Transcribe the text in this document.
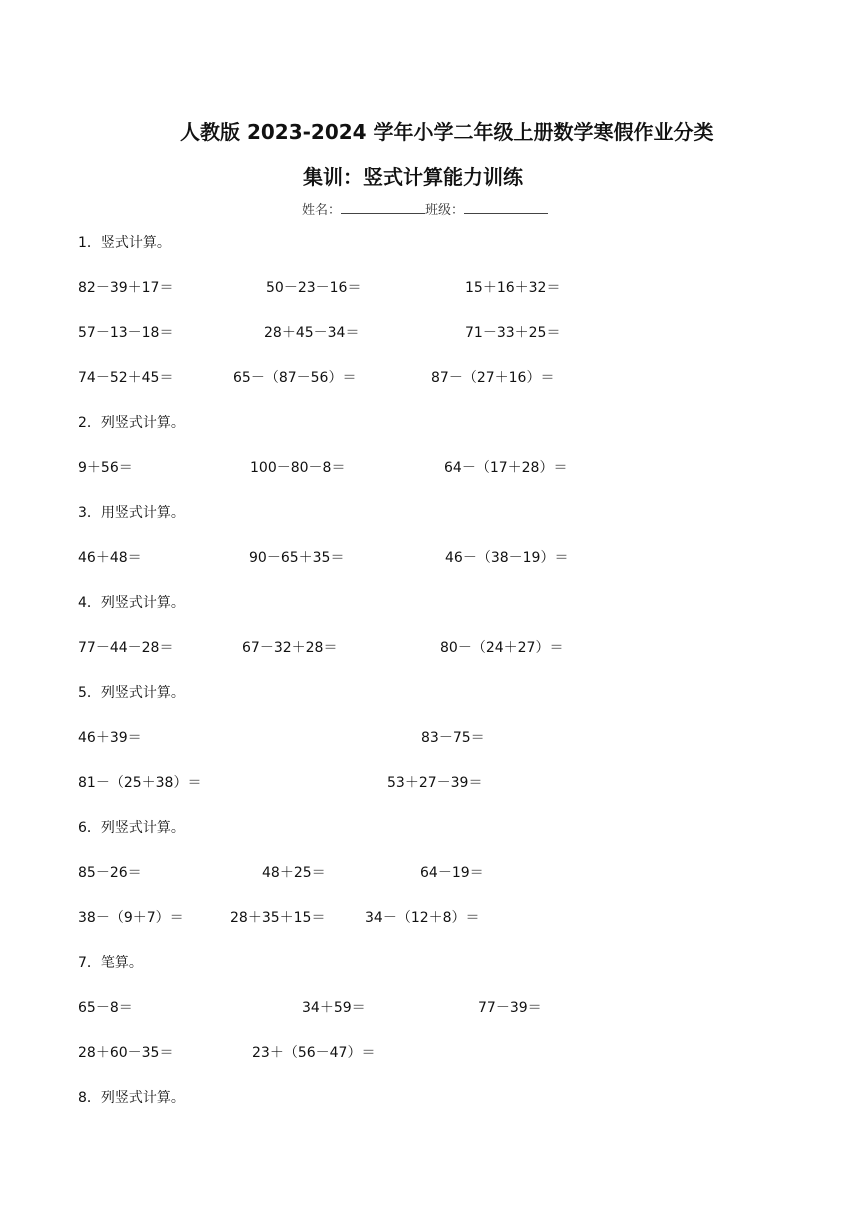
人教版 2023-2024 学年小学二年级上册数学寒假作业分类
集训：竖式计算能力训练
姓名：	班级：
1．竖式计算。
82－39＋17＝	50－23－16＝	15＋16＋32＝
57－13－18＝	28＋45－34＝	71－33＋25＝
74－52＋45＝	65－（87－56）＝	87－（27＋16）＝
2．列竖式计算。
9＋56＝	100－80－8＝	64－（17＋28）＝
3．用竖式计算。
46＋48＝	90－65＋35＝	46－（38－19）＝
4．列竖式计算。
77－44－28＝	67－32＋28＝	80－（24＋27）＝
5．列竖式计算。
46＋39＝	83－75＝
81－（25＋38）＝	53＋27－39＝
6．列竖式计算。
85－26＝	48＋25＝	64－19＝
38－（9＋7）＝	28＋35＋15＝	34－（12＋8）＝
7．笔算。
65－8＝	34＋59＝	77－39＝
28＋60－35＝	23＋（56－47）＝
8．列竖式计算。
